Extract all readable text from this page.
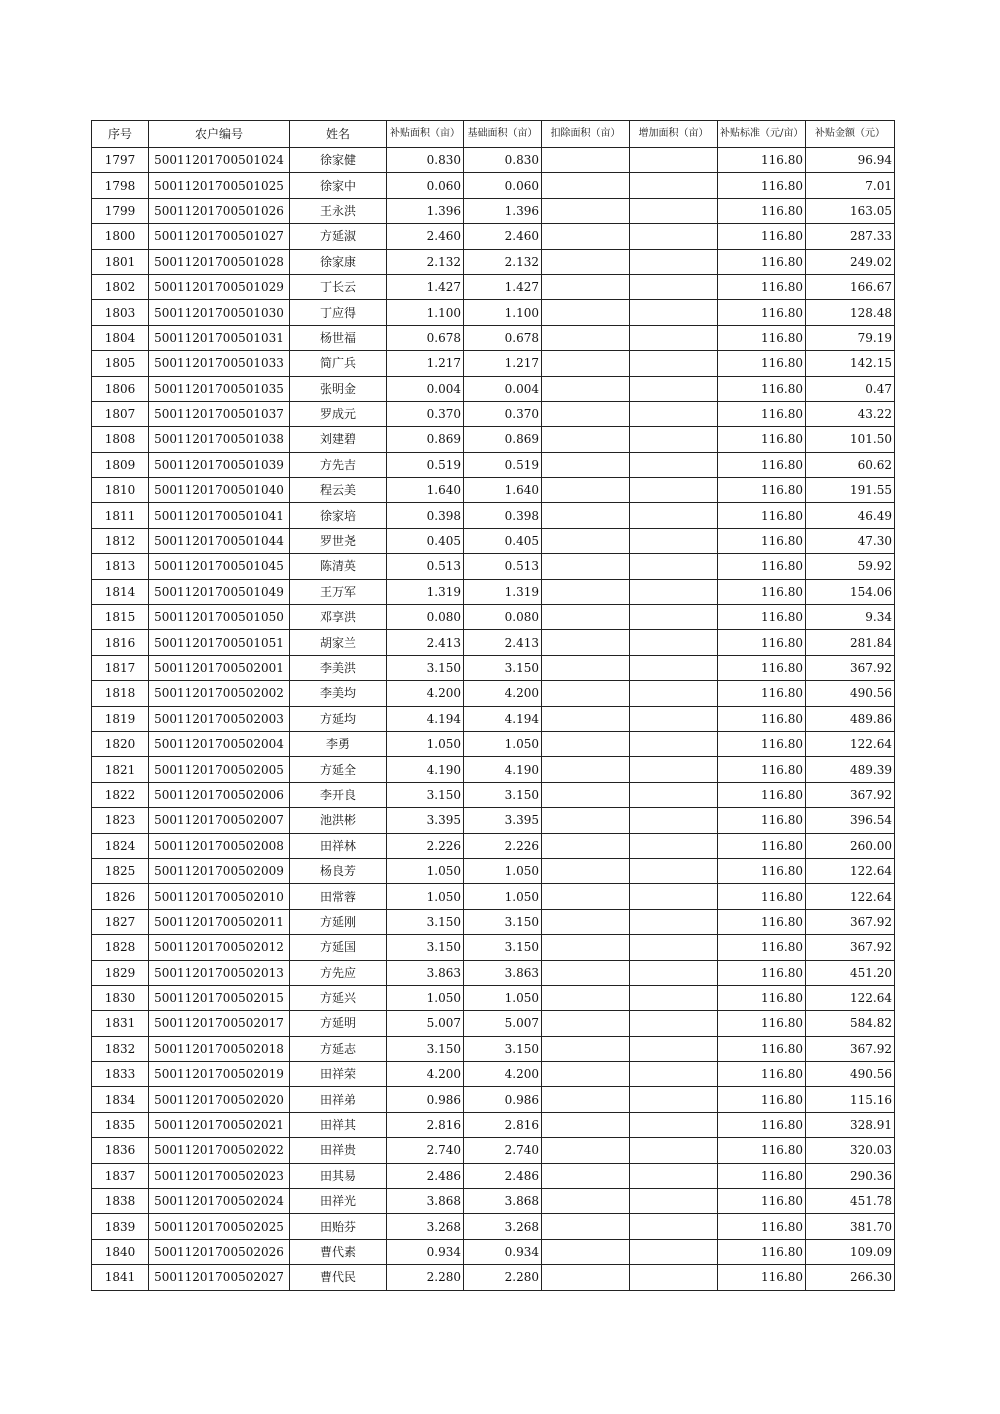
序号	农户编号	姓名	补贴面积（亩）	基础面积（亩）	扣除面积（亩）	增加面积（亩）	补贴标准（元/亩）	补贴金额（元）
1797	50011201700501024	徐家健	0.830	0.830			116.80	96.94
1798	50011201700501025	徐家中	0.060	0.060			116.80	7.01
1799	50011201700501026	王永洪	1.396	1.396			116.80	163.05
1800	50011201700501027	方延淑	2.460	2.460			116.80	287.33
1801	50011201700501028	徐家康	2.132	2.132			116.80	249.02
1802	50011201700501029	丁长云	1.427	1.427			116.80	166.67
1803	50011201700501030	丁应得	1.100	1.100			116.80	128.48
1804	50011201700501031	杨世福	0.678	0.678			116.80	79.19
1805	50011201700501033	简广兵	1.217	1.217			116.80	142.15
1806	50011201700501035	张明金	0.004	0.004			116.80	0.47
1807	50011201700501037	罗成元	0.370	0.370			116.80	43.22
1808	50011201700501038	刘建碧	0.869	0.869			116.80	101.50
1809	50011201700501039	方先吉	0.519	0.519			116.80	60.62
1810	50011201700501040	程云美	1.640	1.640			116.80	191.55
1811	50011201700501041	徐家培	0.398	0.398			116.80	46.49
1812	50011201700501044	罗世尧	0.405	0.405			116.80	47.30
1813	50011201700501045	陈清英	0.513	0.513			116.80	59.92
1814	50011201700501049	王万军	1.319	1.319			116.80	154.06
1815	50011201700501050	邓享洪	0.080	0.080			116.80	9.34
1816	50011201700501051	胡家兰	2.413	2.413			116.80	281.84
1817	50011201700502001	李美洪	3.150	3.150			116.80	367.92
1818	50011201700502002	李美均	4.200	4.200			116.80	490.56
1819	50011201700502003	方延均	4.194	4.194			116.80	489.86
1820	50011201700502004	李勇	1.050	1.050			116.80	122.64
1821	50011201700502005	方延全	4.190	4.190			116.80	489.39
1822	50011201700502006	李开良	3.150	3.150			116.80	367.92
1823	50011201700502007	池洪彬	3.395	3.395			116.80	396.54
1824	50011201700502008	田祥林	2.226	2.226			116.80	260.00
1825	50011201700502009	杨良芳	1.050	1.050			116.80	122.64
1826	50011201700502010	田常蓉	1.050	1.050			116.80	122.64
1827	50011201700502011	方延刚	3.150	3.150			116.80	367.92
1828	50011201700502012	方延国	3.150	3.150			116.80	367.92
1829	50011201700502013	方先应	3.863	3.863			116.80	451.20
1830	50011201700502015	方延兴	1.050	1.050			116.80	122.64
1831	50011201700502017	方延明	5.007	5.007			116.80	584.82
1832	50011201700502018	方延志	3.150	3.150			116.80	367.92
1833	50011201700502019	田祥荣	4.200	4.200			116.80	490.56
1834	50011201700502020	田祥弟	0.986	0.986			116.80	115.16
1835	50011201700502021	田祥其	2.816	2.816			116.80	328.91
1836	50011201700502022	田祥贵	2.740	2.740			116.80	320.03
1837	50011201700502023	田其易	2.486	2.486			116.80	290.36
1838	50011201700502024	田祥光	3.868	3.868			116.80	451.78
1839	50011201700502025	田贻芬	3.268	3.268			116.80	381.70
1840	50011201700502026	曹代素	0.934	0.934			116.80	109.09
1841	50011201700502027	曹代民	2.280	2.280			116.80	266.30
